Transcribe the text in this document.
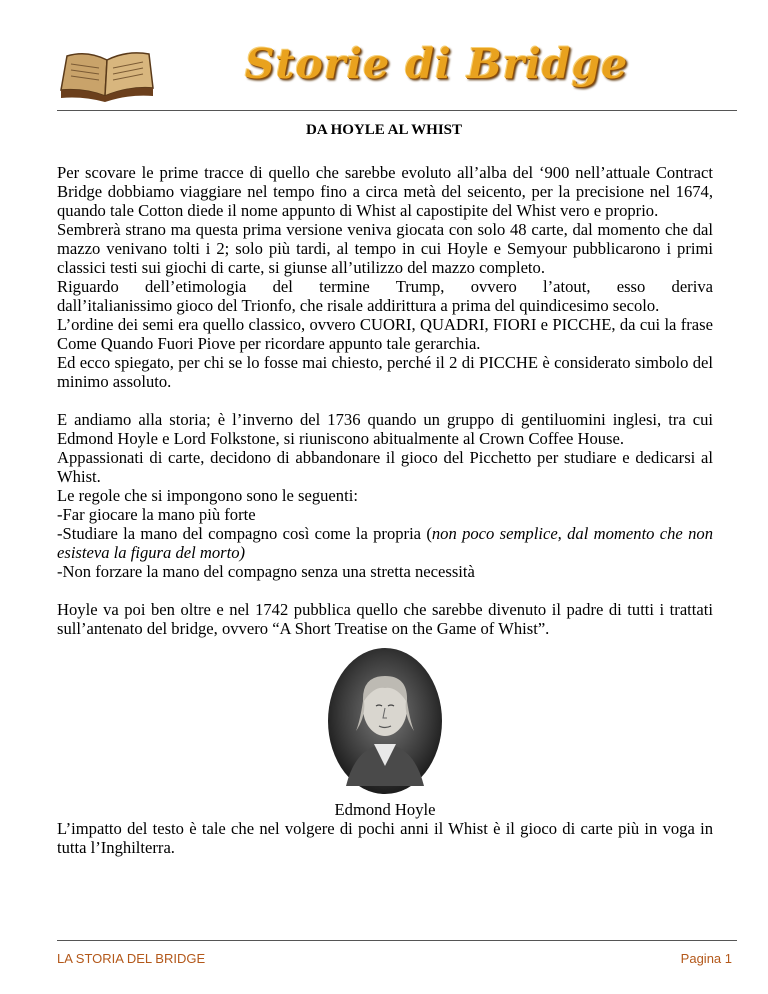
Storie di Bridge
DA HOYLE AL WHIST

Per scovare le prime tracce di quello che sarebbe evoluto all’alba del ‘900 nell’attuale Contract Bridge dobbiamo viaggiare nel tempo fino a circa metà del seicento, per la precisione nel 1674, quando tale Cotton diede il nome appunto di Whist al capostipite del Whist vero e proprio.

Sembrerà strano ma questa prima versione veniva giocata con solo 48 carte, dal momento che dal mazzo venivano tolti i 2; solo più tardi, al tempo in cui Hoyle e Semyour pubblicarono i primi classici testi sui giochi di carte, si giunse all’utilizzo del mazzo completo.

Riguardo dell’etimologia del termine Trump, ovvero l’atout, esso deriva

dall’italianissimo gioco del Trionfo, che risale addirittura a prima del quindicesimo secolo.

L’ordine dei semi era quello classico, ovvero CUORI, QUADRI, FIORI e PICCHE, da cui la frase Come Quando Fuori Piove per ricordare appunto tale gerarchia.

Ed ecco spiegato, per chi se lo fosse mai chiesto, perché il 2 di PICCHE è considerato simbolo del minimo assoluto.

E andiamo alla storia; è l’inverno del 1736 quando un gruppo di gentiluomini inglesi, tra cui Edmond Hoyle e Lord Folkstone, si riuniscono abitualmente al Crown Coffee House.

Appassionati di carte, decidono di abbandonare il gioco del Picchetto per studiare e dedicarsi al Whist.

Le regole che si impongono sono le seguenti:

-Far giocare la mano più forte

-Studiare la mano del compagno così come la propria (non poco semplice, dal momento che non esisteva la figura del morto)

-Non forzare la mano del compagno senza una stretta necessità

Hoyle va poi ben oltre e nel 1742 pubblica quello che sarebbe divenuto il padre di tutti i trattati sull’antenato del bridge, ovvero “A Short Treatise on the Game of Whist”.

Edmond Hoyle

L’impatto del testo è tale che nel volgere di pochi anni il Whist è il gioco di carte più in voga in tutta l’Inghilterra.

LA STORIA DEL BRIDGE	Pagina 1
